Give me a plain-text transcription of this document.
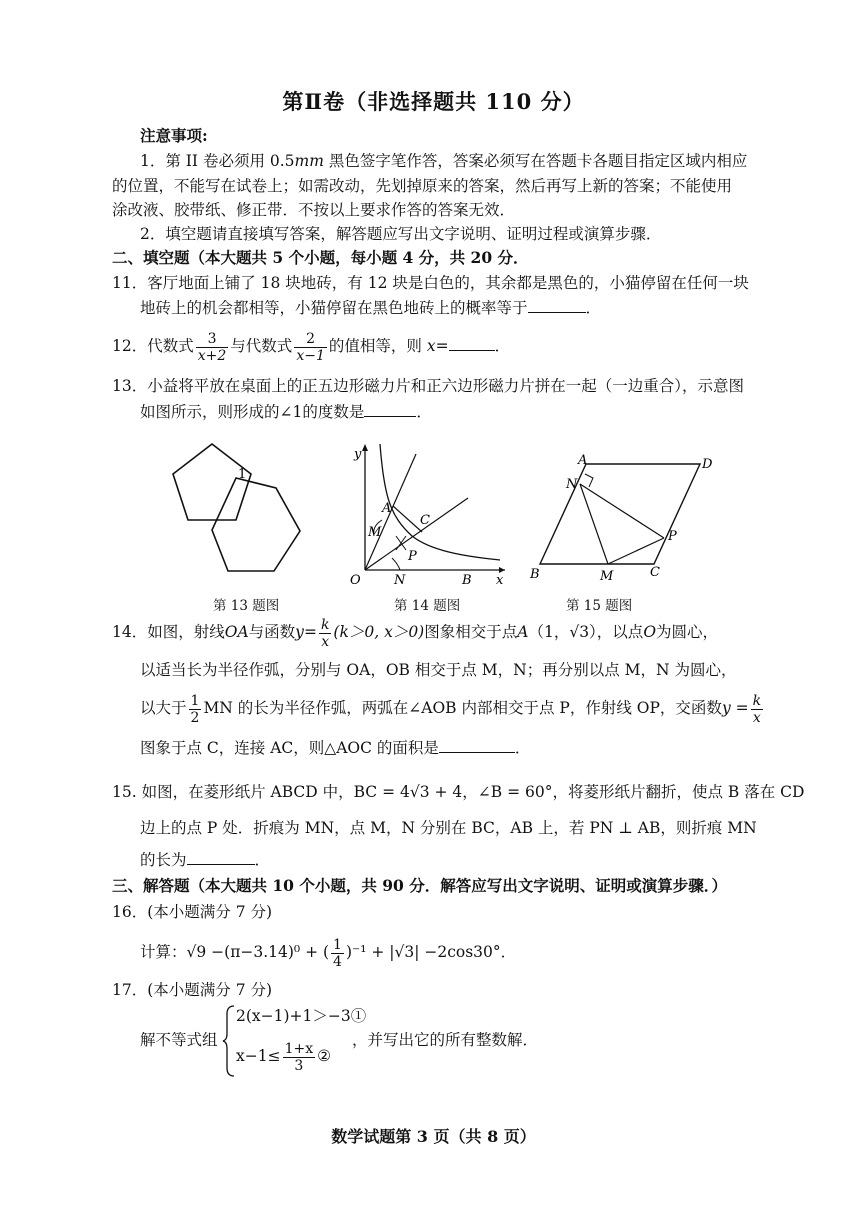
第Ⅱ卷（非选择题共 110 分）
注意事项:
1．第 II 卷必须用 0.5mm 黑色签字笔作答，答案必须写在答题卡各题目指定区域内相应
的位置，不能写在试卷上；如需改动，先划掉原来的答案，然后再写上新的答案；不能使用
涂改液、胶带纸、修正带．不按以上要求作答的答案无效．
2．填空题请直接填写答案，解答题应写出文字说明、证明过程或演算步骤．
二、填空题（本大题共 5 个小题，每小题 4 分，共 20 分．
11．客厅地面上铺了 18 块地砖，有 12 块是白色的，其余都是黑色的，小猫停留在任何一块
地砖上的机会都相等，小猫停留在黑色地砖上的概率等于	．
12．代数式 $\frac{3}{x+2}$ 与代数式 $\frac{2}{x-1}$ 的值相等，则 x=	．
13．小益将平放在桌面上的正五边形磁力片和正六边形磁力片拼在一起（一边重合），示意图
如图所示，则形成的∠1的度数是	．
1
第 13 题图
y
x
O	N	B
M
A
C
P
第 14 题图
A	D
N
P
B	M	C
第 15 题图
14．如图，射线OA与函数$y= \frac{k}{x} (k>0$, x＞0)图象相交于点A（1，√3），以点O为圆心，
以适当长为半径作弧，分别与 OA，OB 相交于点 M，N；再分别以点 M，N 为圆心，
以大于 $\frac{1}{2}$ MN 的长为半径作弧，两弧在∠AOB 内部相交于点 P，作射线 OP，交函数$y = \frac{k}{x}$
图象于点 C，连接 AC，则△AOC 的面积是	．
15. 如图，在菱形纸片 ABCD 中，BC = 4√3 + 4，∠B = 60°，将菱形纸片翻折，使点 B 落在 CD
边上的点 P 处．折痕为 MN，点 M，N 分别在 BC，AB 上，若 PN ⊥ AB，则折痕 MN
的长为	．
三、解答题（本大题共 10 个小题，共 90 分．解答应写出文字说明、证明或演算步骤．）
16．(本小题满分 7 分)
计算：√9 −(π−3.14)⁰ + ( $\frac{1}{4} )^{-1} + |√3| -2\cos 30^\circ$．
17．(本小题满分 7 分)
解不等式组
2(x−1)+1＞−3①
$x-1\le \frac{1+x}{3}$ ②
，并写出它的所有整数解．
数学试题第 3 页（共 8 页）
